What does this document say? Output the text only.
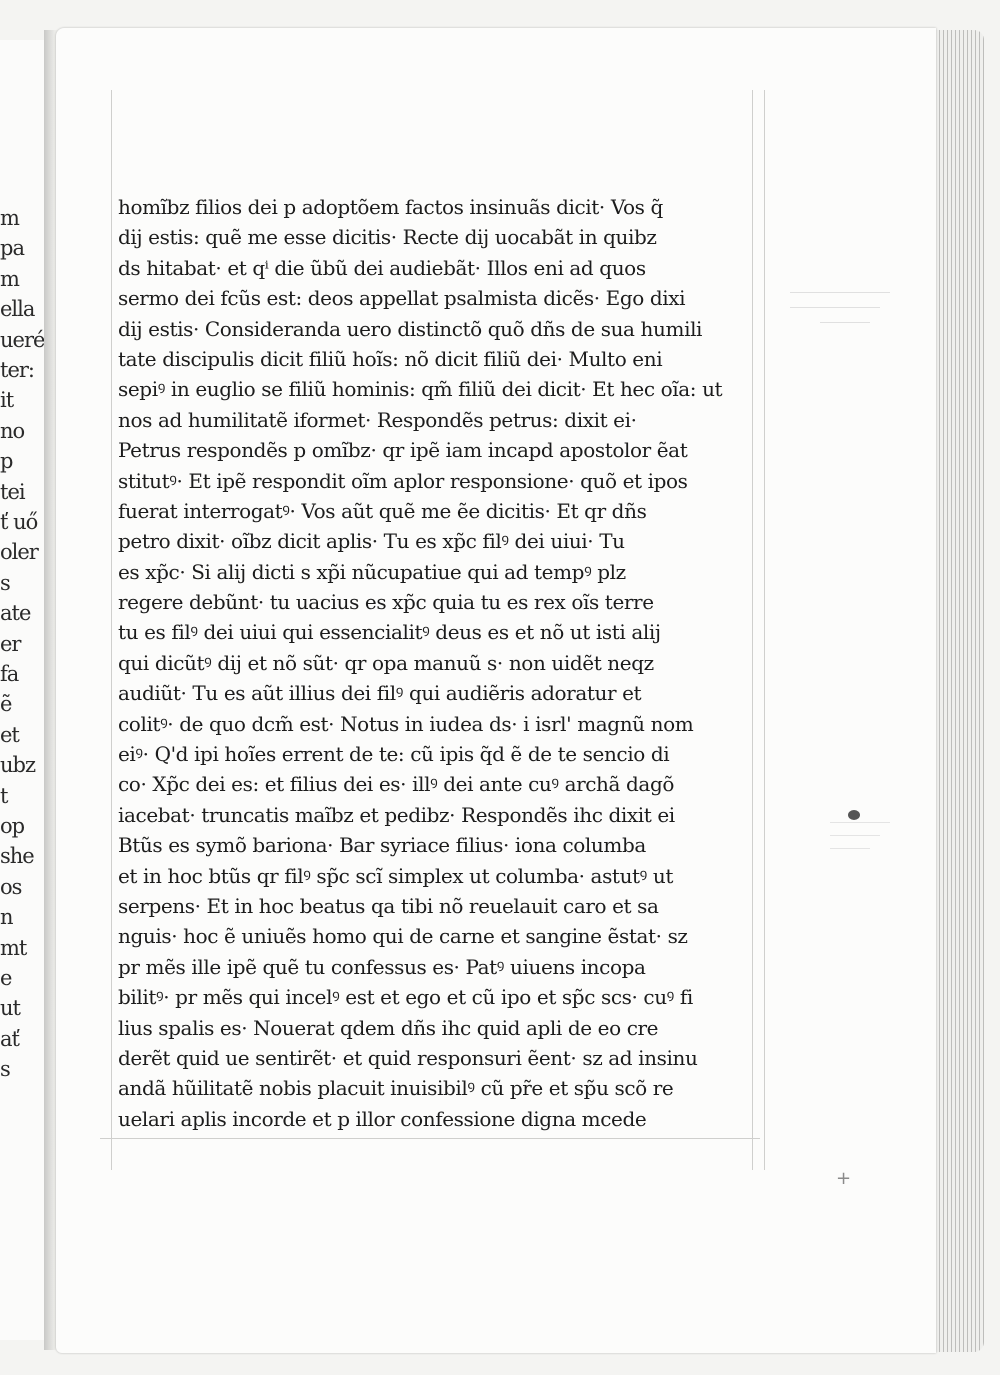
m
pa
m
ella
ueré
ter:
it
no
p
tei
ť uő
oler
s
ate
er
fa
ẽ
et
ubz
t
op
she
os
n
mt
e
ut
ať
s
+
homĩbz filios dei p adoptõem factos insinuãs dicit· Vos q̃
dij estis: quẽ me esse dicitis· Recte dij uocabãt in quibz
ds hitabat· et qⁱ die ũbũ dei audiebãt· Illos eni ad quos
sermo dei fcũs est: deos appellat psalmista dicẽs· Ego dixi
dij estis· Consideranda uero distinctõ quõ dñs de sua humili
tate discipulis dicit filiũ hoĩs: nõ dicit filiũ dei· Multo eni
sepiꝰ in euglio se filiũ hominis: qm̃ filiũ dei dicit· Et hec oĩa: ut
nos ad humilitatẽ iformet· Respondẽs petrus: dixit ei·
Petrus respondẽs p omĩbz· qr ipẽ iam incapd apostolor ẽat
stitutꝰ· Et ipẽ respondit oĩm aplor responsione· quõ et ipos
fuerat interrogatꝰ· Vos aũt quẽ me ẽe dicitis· Et qr dñs
petro dixit· oĩbz dicit aplis· Tu es xp̃c filꝰ dei uiui· Tu
es xp̃c· Si alij dicti s xp̃i nũcupatiue qui ad tempꝰ plz
regere debũnt· tu uacius es xp̃c quia tu es rex oĩs terre
tu es filꝰ dei uiui qui essencialitꝰ deus es et nõ ut isti alij
qui dicũtꝰ dij et nõ sũt· qr opa manuũ s· non uidẽt neqz
audiũt· Tu es aũt illius dei filꝰ qui audiẽris adoratur et
colitꝰ· de quo dcm̃ est· Notus in iudea ds· i isrl' magnũ nom
eiꝰ· Q'd ipi hoĩes errent de te: cũ ipis q̃d ẽ de te sencio di
co· Xp̃c dei es: et filius dei es· illꝰ dei ante cuꝰ archã dagõ
iacebat· truncatis maĩbz et pedibz· Respondẽs ihc dixit ei
Btũs es symõ bariona· Bar syriace filius· iona columba
et in hoc btũs qr filꝰ sp̃c scĩ simplex ut columba· astutꝰ ut
serpens· Et in hoc beatus qa tibi nõ reuelauit caro et sa
nguis· hoc ẽ uniuẽs homo qui de carne et sangine ẽstat· sz
pr mẽs ille ipẽ quẽ tu confessus es· Patꝰ uiuens incopa
bilitꝰ· pr mẽs qui incelꝰ est et ego et cũ ipo et sp̃c scs· cuꝰ fi
lius spalis es· Nouerat qdem dñs ihc quid apli de eo cre
derẽt quid ue sentirẽt· et quid responsuri ẽent· sz ad insinu
andã hũilitatẽ nobis placuit inuisibilꝰ cũ pr̃e et sp̃u scõ re
uelari aplis incorde et p illor confessione digna mcede
